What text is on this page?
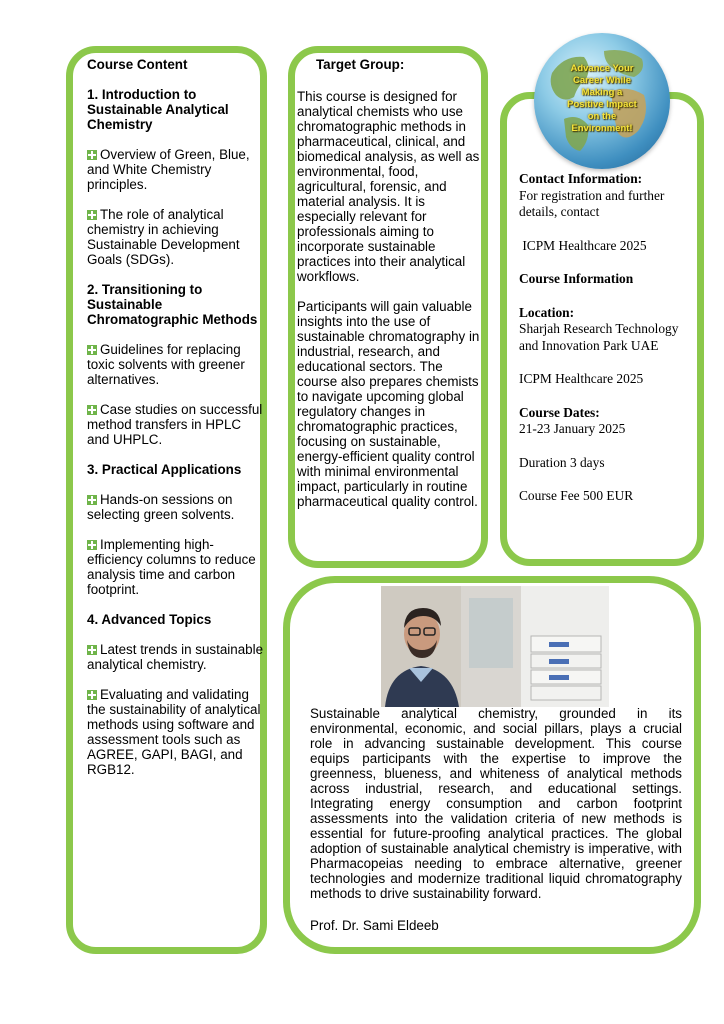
Course Content

1. Introduction to Sustainable Analytical Chemistry

Overview of Green, Blue, and White Chemistry principles.

The role of analytical chemistry in achieving Sustainable Development Goals (SDGs).

2. Transitioning to Sustainable Chromatographic Methods

Guidelines for replacing toxic solvents with greener alternatives.

Case studies on successful method transfers in HPLC and UHPLC.

3. Practical Applications

Hands-on sessions on selecting green solvents.

Implementing high-efficiency columns to reduce analysis time and carbon footprint.

4. Advanced Topics

Latest trends in sustainable analytical chemistry.

Evaluating and validating the sustainability of analytical methods using software and assessment tools such as AGREE, GAPI, BAGI, and RGB12.

Target Group:

This course is designed for analytical chemists who use chromatographic methods in pharmaceutical, clinical, and biomedical analysis, as well as environmental, food, agricultural, forensic, and material analysis. It is especially relevant for professionals aiming to incorporate sustainable practices into their analytical workflows.

Participants will gain valuable insights into the use of sustainable chromatography in industrial, research, and educational sectors. The course also prepares chemists to navigate upcoming global regulatory changes in chromatographic practices, focusing on sustainable, energy-efficient quality control with minimal environmental impact, particularly in routine pharmaceutical quality control.

Advance Your
Career While
Making a
Positive Impact
on the
Environment!

Contact Information:

For registration and further details, contact

ICPM Healthcare 2025

Course Information

Location:

Sharjah Research Technology and Innovation Park UAE

ICPM Healthcare 2025

Course Dates:

21-23 January 2025

Duration 3 days

Course Fee 500 EUR

Sustainable analytical chemistry, grounded in its environmental, economic, and social pillars, plays a crucial role in advancing sustainable development. This course equips participants with the expertise to improve the greenness, blueness, and whiteness of analytical methods across industrial, research, and educational settings. Integrating energy consumption and carbon footprint assessments into the validation criteria of new methods is essential for future-proofing analytical practices. The global adoption of sustainable analytical chemistry is imperative, with Pharmacopeias needing to embrace alternative, greener technologies and modernize traditional liquid chromatography methods to drive sustainability forward.
Prof. Dr. Sami Eldeeb
